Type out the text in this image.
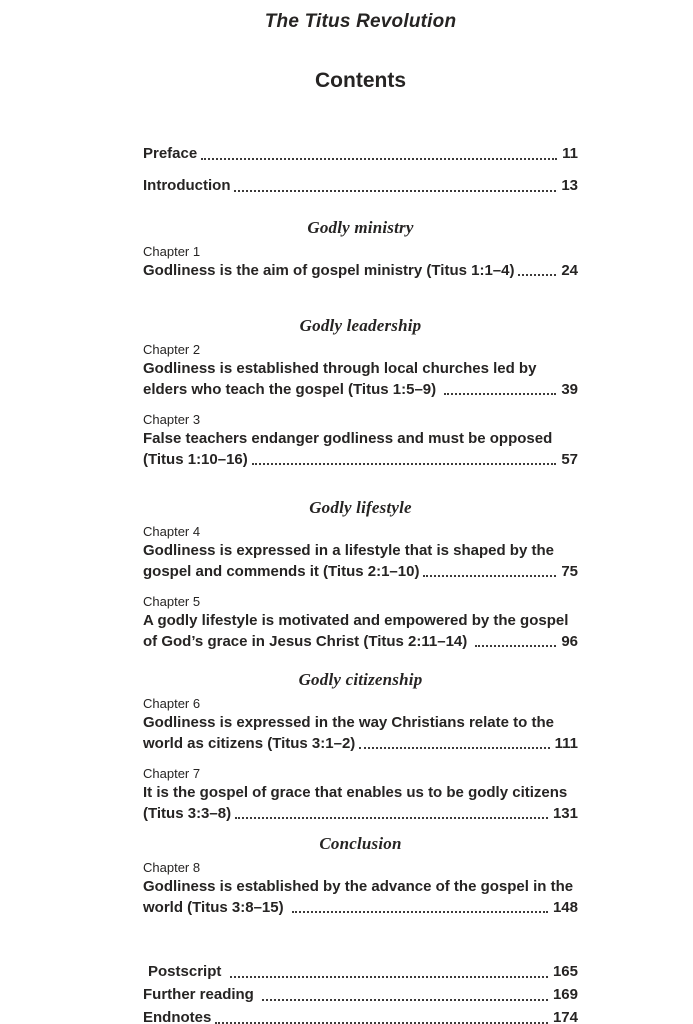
The Titus Revolution
Contents
Preface	11
Introduction	13
Godly ministry
Chapter 1
Godliness is the aim of gospel ministry (Titus 1:1–4)	24
Godly leadership
Chapter 2
Godliness is established through local churches led by
elders who teach the gospel (Titus 1:5–9)	39
Chapter 3
False teachers endanger godliness and must be opposed
(Titus 1:10–16)	57
Godly lifestyle
Chapter 4
Godliness is expressed in a lifestyle that is shaped by the
gospel and commends it (Titus 2:1–10)	75
Chapter 5
A godly lifestyle is motivated and empowered by the gospel
of God’s grace in Jesus Christ (Titus 2:11–14)	96
Godly citizenship
Chapter 6
Godliness is expressed in the way Christians relate to the
world as citizens (Titus 3:1–2)	111
Chapter 7
It is the gospel of grace that enables us to be godly citizens
(Titus 3:3–8)	131
Conclusion
Chapter 8
Godliness is established by the advance of the gospel in the
world (Titus 3:8–15)	148
Postscript	165
Further reading	169
Endnotes	174
